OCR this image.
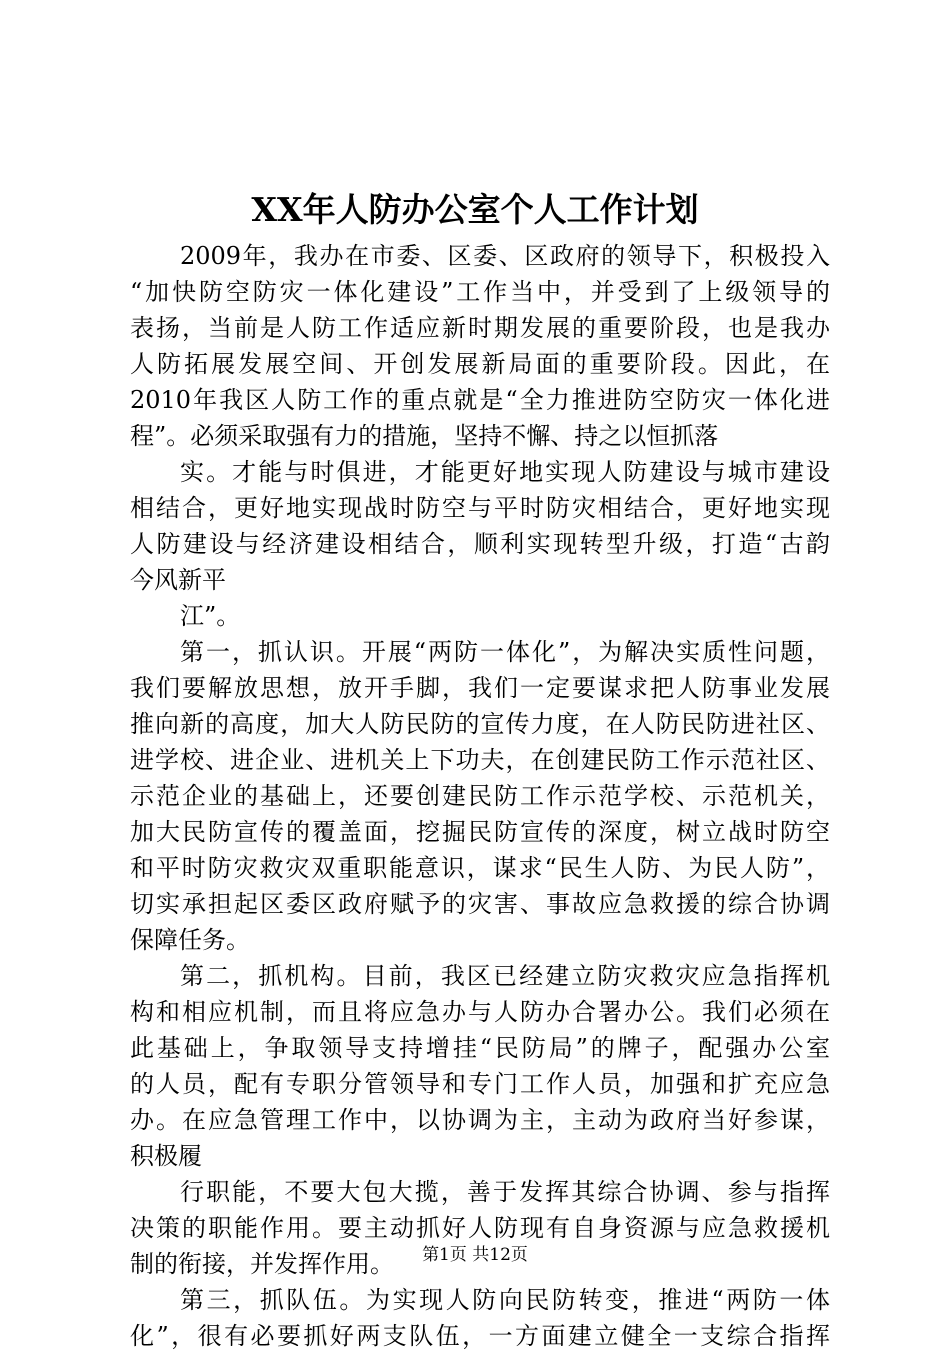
XX年人防办公室个人工作计划
2009年，我办在市委、区委、区政府的领导下，积极投入
“加快防空防灾一体化建设”工作当中，并受到了上级领导的
表扬，当前是人防工作适应新时期发展的重要阶段，也是我办
人防拓展发展空间、开创发展新局面的重要阶段。因此，在
2010年我区人防工作的重点就是“全力推进防空防灾一体化进
程”。必须采取强有力的措施，坚持不懈、持之以恒抓落
实。才能与时俱进，才能更好地实现人防建设与城市建设
相结合，更好地实现战时防空与平时防灾相结合，更好地实现
人防建设与经济建设相结合，顺利实现转型升级，打造“古韵
今风新平
江”。
第一，抓认识。开展“两防一体化”，为解决实质性问题，
我们要解放思想，放开手脚，我们一定要谋求把人防事业发展
推向新的高度，加大人防民防的宣传力度，在人防民防进社区、
进学校、进企业、进机关上下功夫，在创建民防工作示范社区、
示范企业的基础上，还要创建民防工作示范学校、示范机关，
加大民防宣传的覆盖面，挖掘民防宣传的深度，树立战时防空
和平时防灾救灾双重职能意识，谋求“民生人防、为民人防”，
切实承担起区委区政府赋予的灾害、事故应急救援的综合协调
保障任务。
第二，抓机构。目前，我区已经建立防灾救灾应急指挥机
构和相应机制，而且将应急办与人防办合署办公。我们必须在
此基础上，争取领导支持增挂“民防局”的牌子，配强办公室
的人员，配有专职分管领导和专门工作人员，加强和扩充应急
办。在应急管理工作中，以协调为主，主动为政府当好参谋，
积极履
行职能，不要大包大揽，善于发挥其综合协调、参与指挥
决策的职能作用。要主动抓好人防现有自身资源与应急救援机
制的衔接，并发挥作用。
第三，抓队伍。为实现人防向民防转变，推进“两防一体
化”，很有必要抓好两支队伍，一方面建立健全一支综合指挥
第1页 共12页
